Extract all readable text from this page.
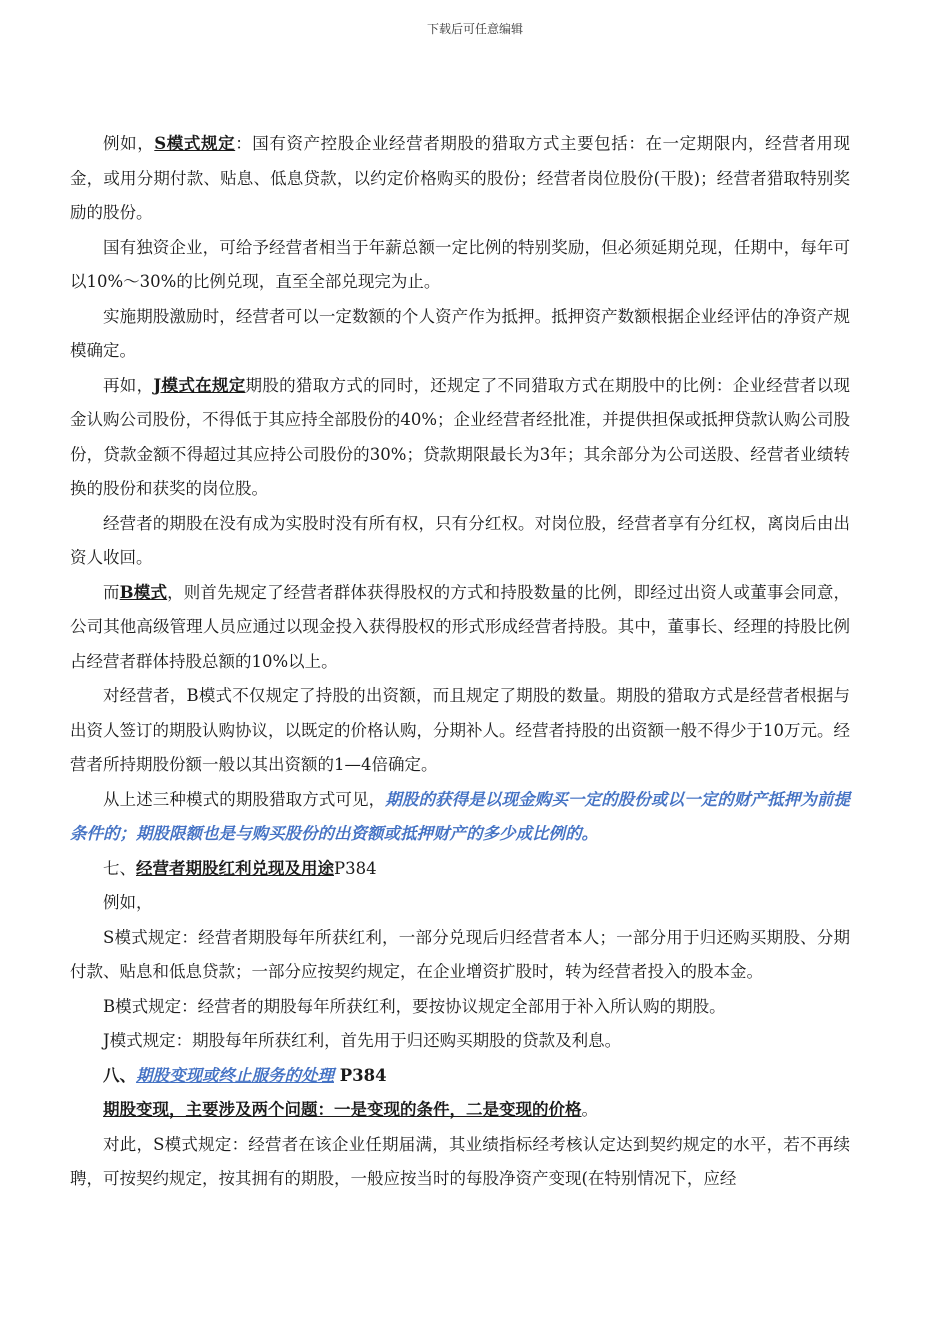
下载后可任意编辑

例如，S模式规定：国有资产控股企业经营者期股的猎取方式主要包括：在一定期限内，经营者用现金，或用分期付款、贴息、低息贷款，以约定价格购买的股份；经营者岗位股份(干股)；经营者猎取特别奖励的股份。

国有独资企业，可给予经营者相当于年薪总额一定比例的特别奖励，但必须延期兑现，任期中，每年可以10%～30%的比例兑现，直至全部兑现完为止。

实施期股激励时，经营者可以一定数额的个人资产作为抵押。抵押资产数额根据企业经评估的净资产规模确定。

再如，J模式在规定期股的猎取方式的同时，还规定了不同猎取方式在期股中的比例：企业经营者以现金认购公司股份，不得低于其应持全部股份的40%；企业经营者经批准，并提供担保或抵押贷款认购公司股份，贷款金额不得超过其应持公司股份的30%；贷款期限最长为3年；其余部分为公司送股、经营者业绩转换的股份和获奖的岗位股。

经营者的期股在没有成为实股时没有所有权，只有分红权。对岗位股，经营者享有分红权，离岗后由出资人收回。

而B模式，则首先规定了经营者群体获得股权的方式和持股数量的比例，即经过出资人或董事会同意，公司其他高级管理人员应通过以现金投入获得股权的形式形成经营者持股。其中，董事长、经理的持股比例占经营者群体持股总额的10%以上。

对经营者，B模式不仅规定了持股的出资额，而且规定了期股的数量。期股的猎取方式是经营者根据与出资人签订的期股认购协议，以既定的价格认购，分期补人。经营者持股的出资额一般不得少于10万元。经营者所持期股份额一般以其出资额的1—4倍确定。

从上述三种模式的期股猎取方式可见，期股的获得是以现金购买一定的股份或以一定的财产抵押为前提条件的；期股限额也是与购买股份的出资额或抵押财产的多少成比例的。

七、经营者期股红利兑现及用途P384

例如，

S模式规定：经营者期股每年所获红利，一部分兑现后归经营者本人；一部分用于归还购买期股、分期付款、贴息和低息贷款；一部分应按契约规定，在企业增资扩股时，转为经营者投入的股本金。

B模式规定：经营者的期股每年所获红利，要按协议规定全部用于补入所认购的期股。

J模式规定：期股每年所获红利，首先用于归还购买期股的贷款及利息。

八、期股变现或终止服务的处理 P384

期股变现，主要涉及两个问题：一是变现的条件，二是变现的价格。

对此，S模式规定：经营者在该企业任期届满，其业绩指标经考核认定达到契约规定的水平，若不再续聘，可按契约规定，按其拥有的期股，一般应按当时的每股净资产变现(在特别情况下，应经
